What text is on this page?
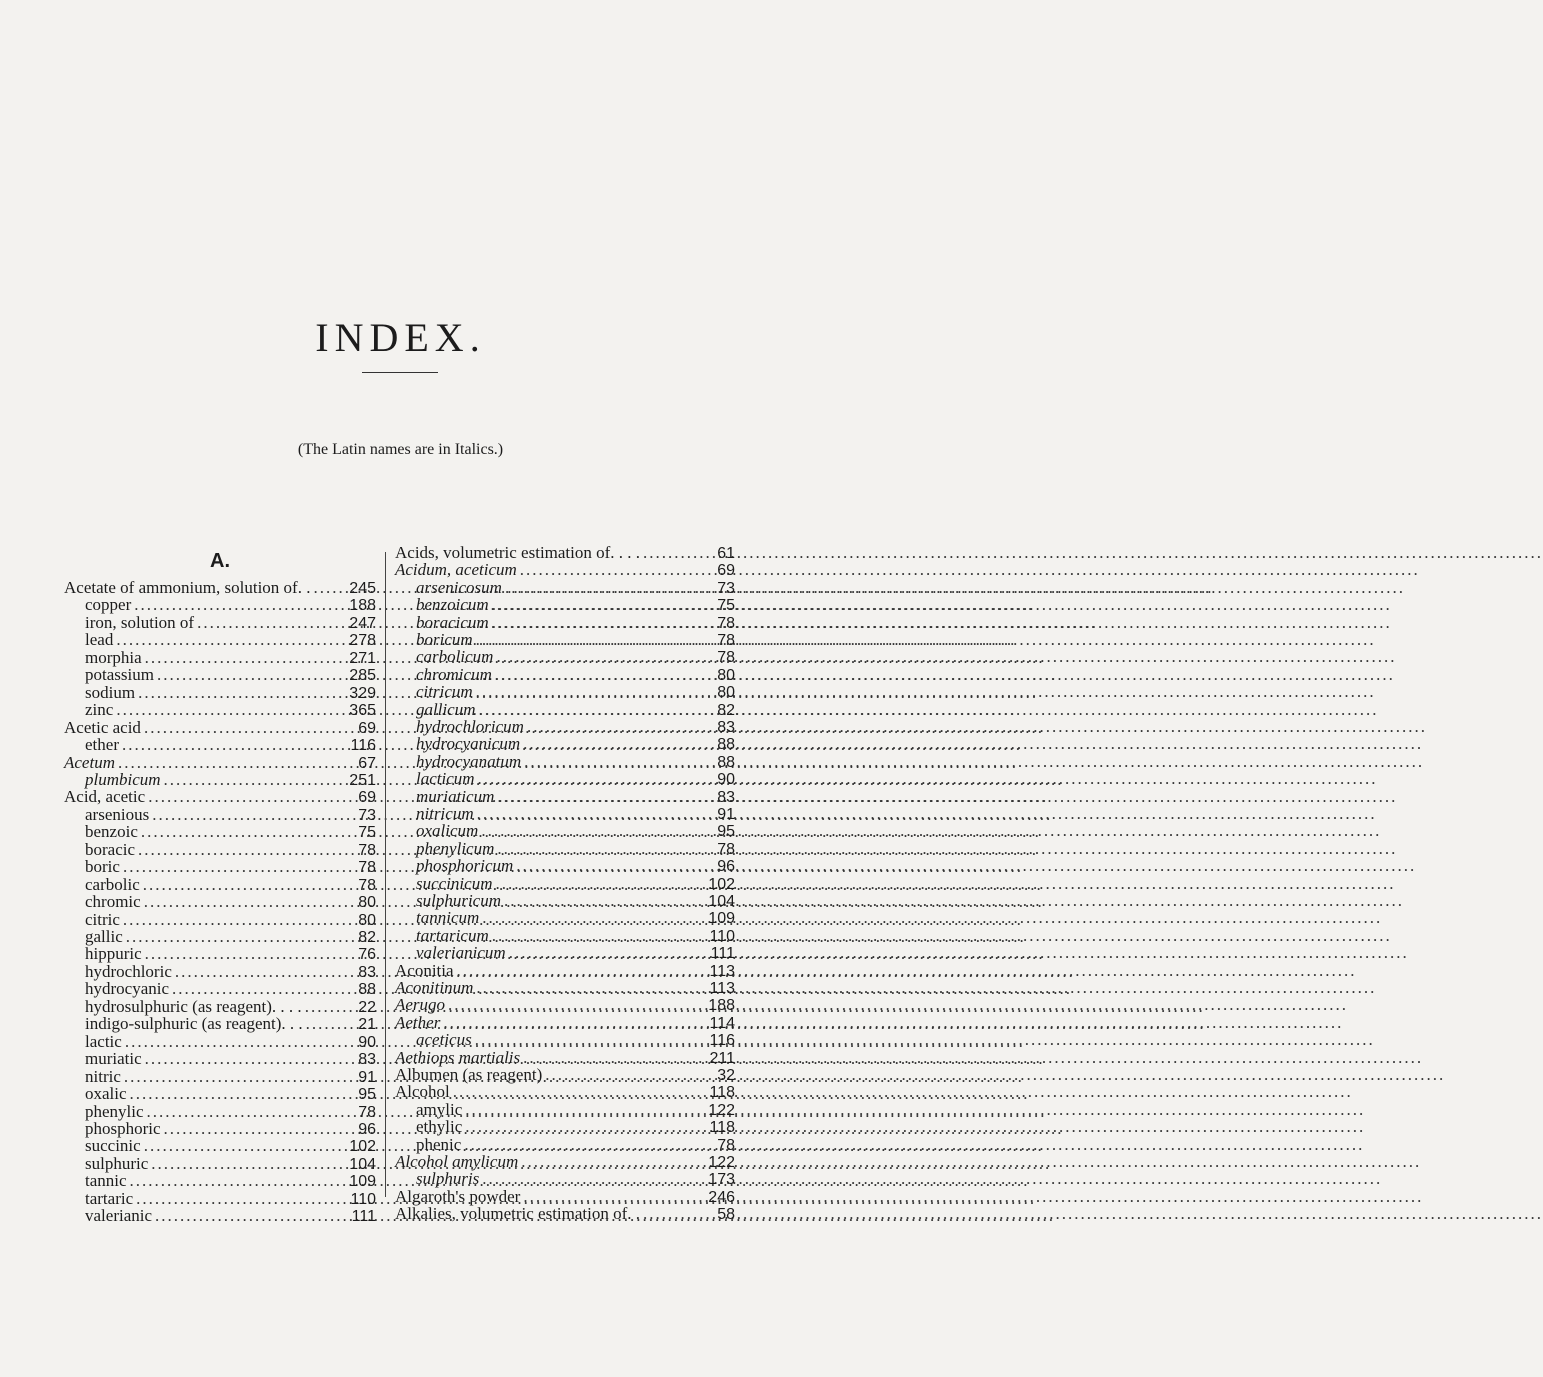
INDEX.
(The Latin names are in Italics.)
A.
Acetate of ammonium, solution of. . ..... 245
copper .....	188
iron, solution of .....	247
lead .....	278
morphia .....	271
potassium .....	285
sodium .....	329
zinc .....	365
Acetic acid .....	69
ether .....	116
Acetum .....	67
plumbicum .....	251
Acid, acetic .....	69
arsenious .....	73
benzoic .....	75
boracic .....	78
boric .....	78
carbolic .....	78
chromic .....	80
citric .....	80
gallic .....	82
hippuric .....	76
hydrochloric .....	83
hydrocyanic .....	88
hydrosulphuric (as reagent). . . . .....	22
indigo-sulphuric (as reagent). . . .....	21
lactic .....	90
muriatic .....	83
nitric .....	91
oxalic .....	95
phenylic .....	78
phosphoric .....	96
succinic .....	102
sulphuric .....	104
tannic .....	109
tartaric .....	110
valerianic .....	111
Acids, volumetric estimation of. . . . .....	61
Acidum, aceticum .....	69
arsenicosum .....	73
benzoicum .....	75
boracicum .....	78
boricum .....	78
carbolicum .....	78
chromicum .....	80
citricum .....	80
gallicum .....	82
hydrochloricum .....	83
hydrocyanicum .....	88
hydrocyanatum .....	88
lacticum .....	90
muriaticum .....	83
nitricum .....	91
oxalicum .....	95
phenylicum .....	78
phosphoricum .....	96
succinicum .....	102
sulphuricum .....	104
tannicum .....	109
tartaricum .....	110
valerianicum .....	111
Aconitia .....	113
Aconitinum .....	113
Aerugo .....	188
Aether .....	114
aceticus .....	116
Aethiops martialis .....	211
Albumen (as reagent) .....	32
Alcohol .....	118
amylic .....	122
ethylic .....	118
phenic .....	78
Alcohol amylicum .....	122
sulphuris .....	173
Algaroth's powder .....	246
Alkalies, volumetric estimation of. . .....	58
